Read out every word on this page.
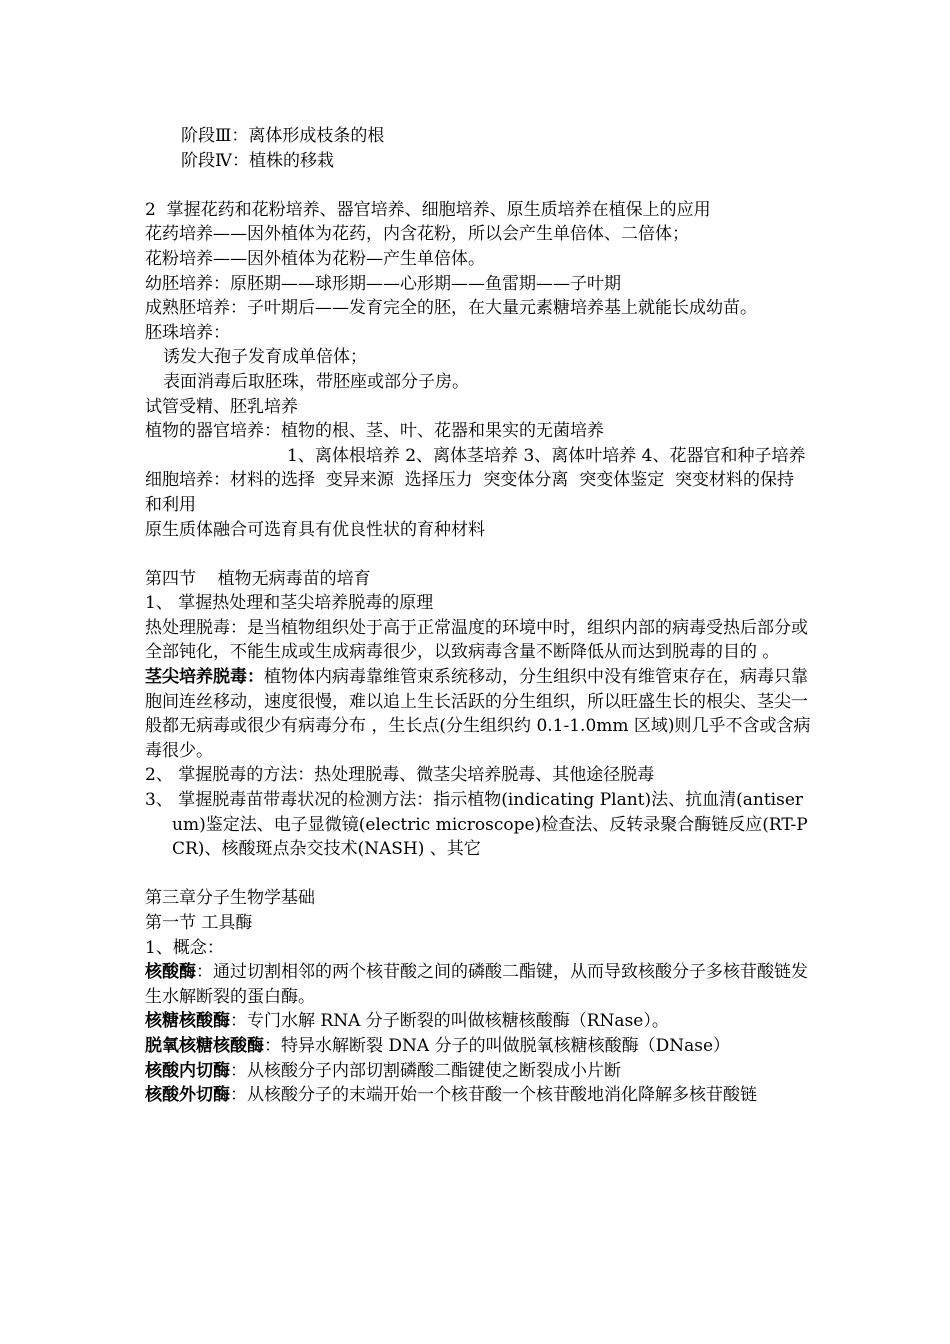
阶段Ⅲ：离体形成枝条的根
阶段Ⅳ：植株的移栽
2  掌握花药和花粉培养、器官培养、细胞培养、原生质培养在植保上的应用
花药培养——因外植体为花药，内含花粉，所以会产生单倍体、二倍体；
花粉培养——因外植体为花粉—产生单倍体。
幼胚培养：原胚期——球形期——心形期——鱼雷期——子叶期
成熟胚培养：子叶期后——发育完全的胚，在大量元素糖培养基上就能长成幼苗。
胚珠培养：
诱发大孢子发育成单倍体；
表面消毒后取胚珠，带胚座或部分子房。
试管受精、胚乳培养
植物的器官培养：植物的根、茎、叶、花器和果实的无菌培养
1、离体根培养 2、离体茎培养 3、离体叶培养 4、花器官和种子培养
细胞培养：材料的选择  变异来源  选择压力  突变体分离  突变体鉴定  突变材料的保持和利用
原生质体融合可选育具有优良性状的育种材料
第四节    植物无病毒苗的培育
1、 掌握热处理和茎尖培养脱毒的原理
热处理脱毒：是当植物组织处于高于正常温度的环境中时，组织内部的病毒受热后部分或全部钝化，不能生成或生成病毒很少，以致病毒含量不断降低从而达到脱毒的目的 。
茎尖培养脱毒：植物体内病毒靠维管束系统移动，分生组织中没有维管束存在，病毒只靠胞间连丝移动，速度很慢，难以追上生长活跃的分生组织，所以旺盛生长的根尖、茎尖一般都无病毒或很少有病毒分布 ，生长点(分生组织约 0.1-1.0mm 区域)则几乎不含或含病毒很少。
2、 掌握脱毒的方法：热处理脱毒、微茎尖培养脱毒、其他途径脱毒
3、 掌握脱毒苗带毒状况的检测方法：指示植物(indicating Plant)法、抗血清(antiserum)鉴定法、电子显微镜(electric microscope)检查法、反转录聚合酶链反应(RT-PCR)、核酸斑点杂交技术(NASH) 、其它
第三章分子生物学基础
第一节 工具酶
1、概念：
核酸酶：通过切割相邻的两个核苷酸之间的磷酸二酯键，从而导致核酸分子多核苷酸链发生水解断裂的蛋白酶。
核糖核酸酶：专门水解 RNA 分子断裂的叫做核糖核酸酶（RNase）。
脱氧核糖核酸酶：特异水解断裂 DNA 分子的叫做脱氧核糖核酸酶（DNase）
核酸内切酶：从核酸分子内部切割磷酸二酯键使之断裂成小片断
核酸外切酶：从核酸分子的末端开始一个核苷酸一个核苷酸地消化降解多核苷酸链
